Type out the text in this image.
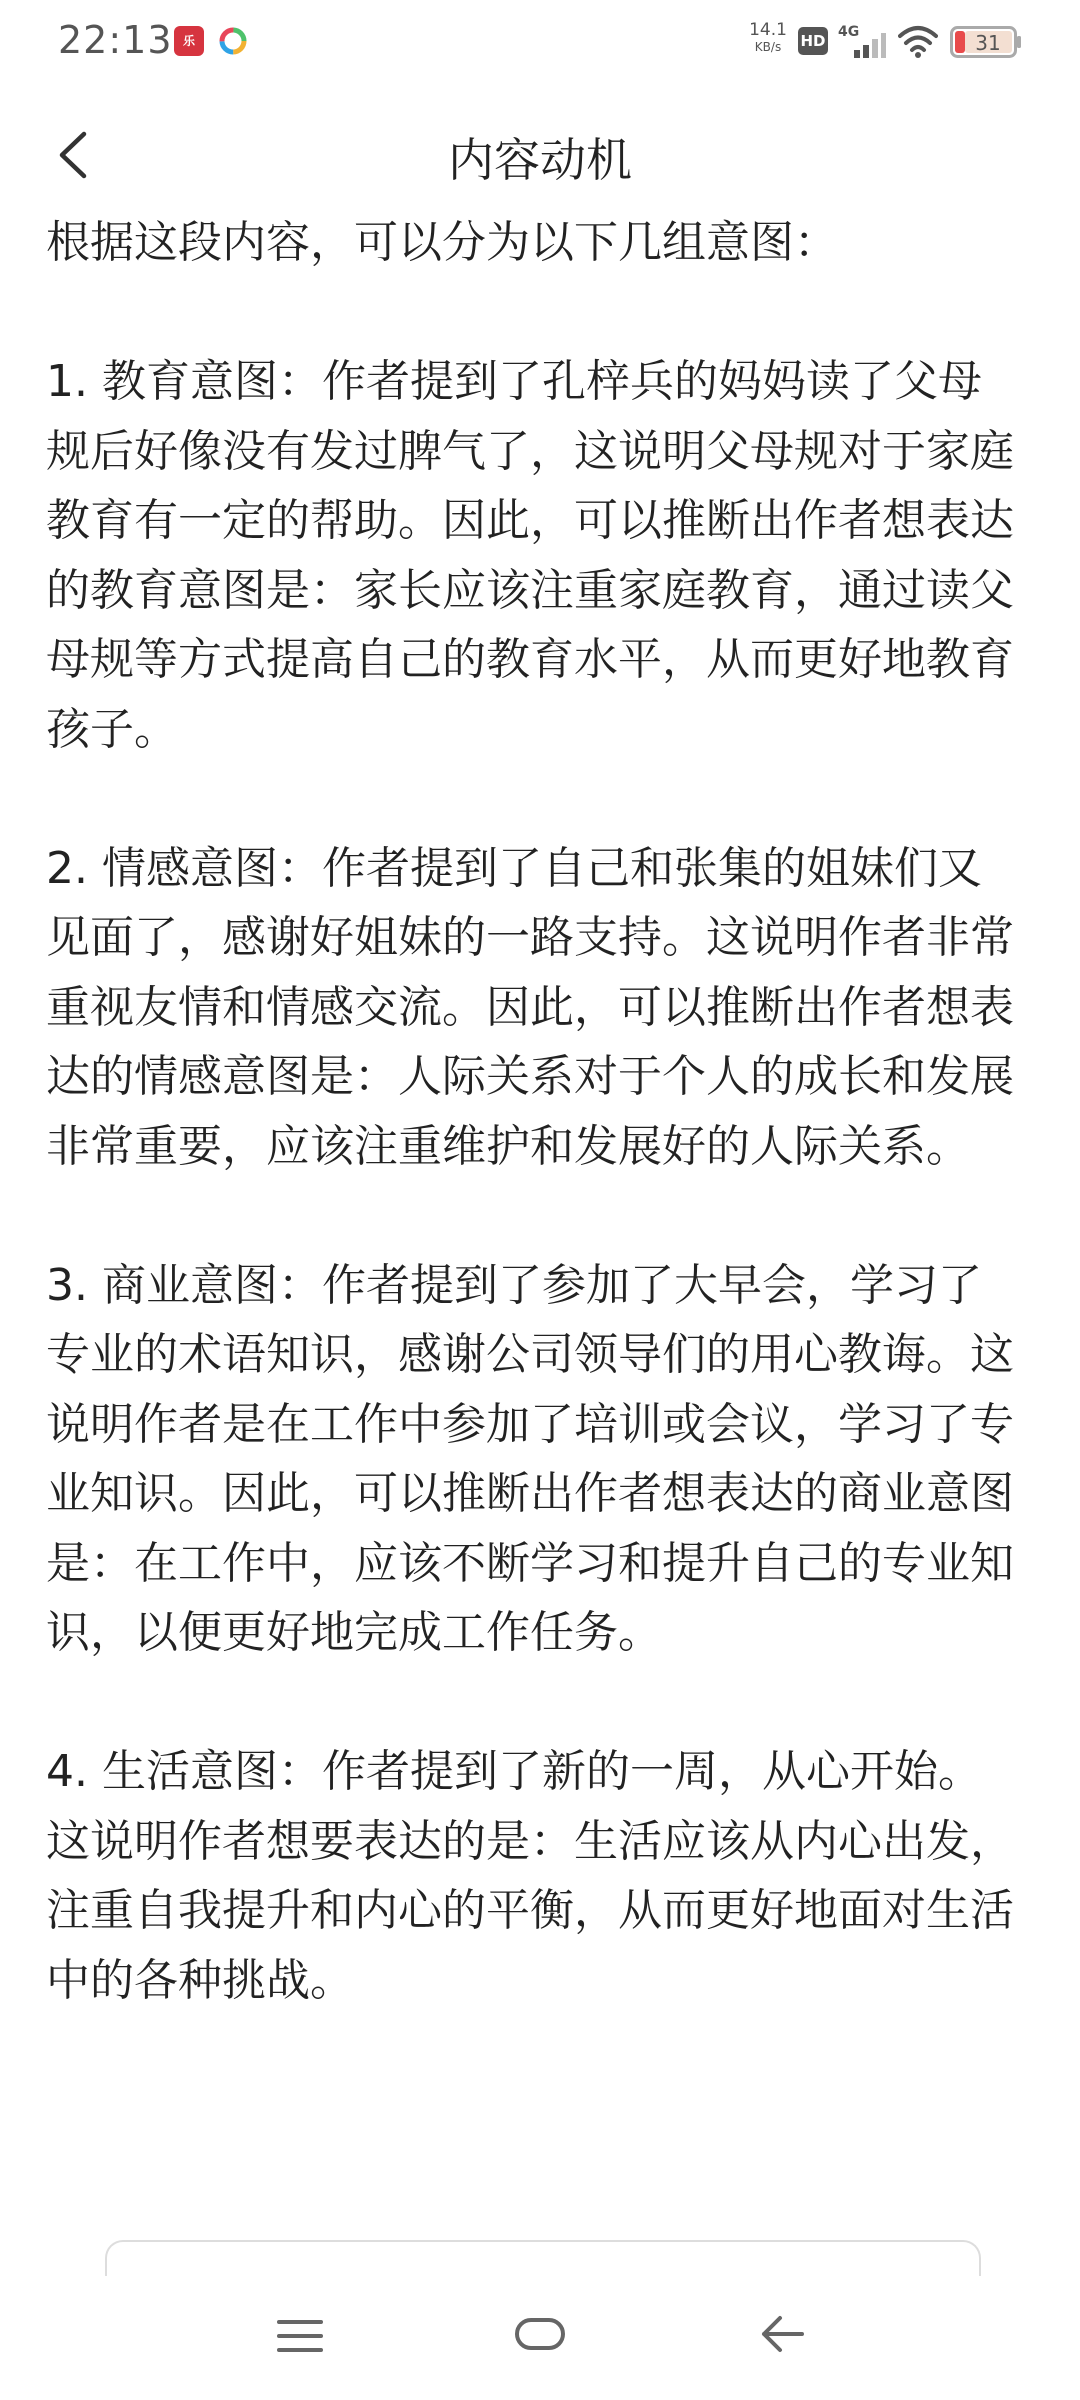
22:13 乐
14.1
KB/s	HD 4G	31
内容动机

根据这段内容，可以分为以下几组意图：

1. 教育意图：作者提到了孔梓兵的妈妈读了父母规后好像没有发过脾气了，这说明父母规对于家庭教育有一定的帮助。因此，可以推断出作者想表达的教育意图是：家长应该注重家庭教育，通过读父母规等方式提高自己的教育水平，从而更好地教育孩子。

2. 情感意图：作者提到了自己和张集的姐妹们又见面了，感谢好姐妹的一路支持。这说明作者非常重视友情和情感交流。因此，可以推断出作者想表达的情感意图是：人际关系对于个人的成长和发展非常重要，应该注重维护和发展好的人际关系。

3. 商业意图：作者提到了参加了大早会，学习了专业的术语知识，感谢公司领导们的用心教诲。这说明作者是在工作中参加了培训或会议，学习了专业知识。因此，可以推断出作者想表达的商业意图是：在工作中，应该不断学习和提升自己的专业知识，以便更好地完成工作任务。

4. 生活意图：作者提到了新的一周，从心开始。这说明作者想要表达的是：生活应该从内心出发，注重自我提升和内心的平衡，从而更好地面对生活中的各种挑战。
